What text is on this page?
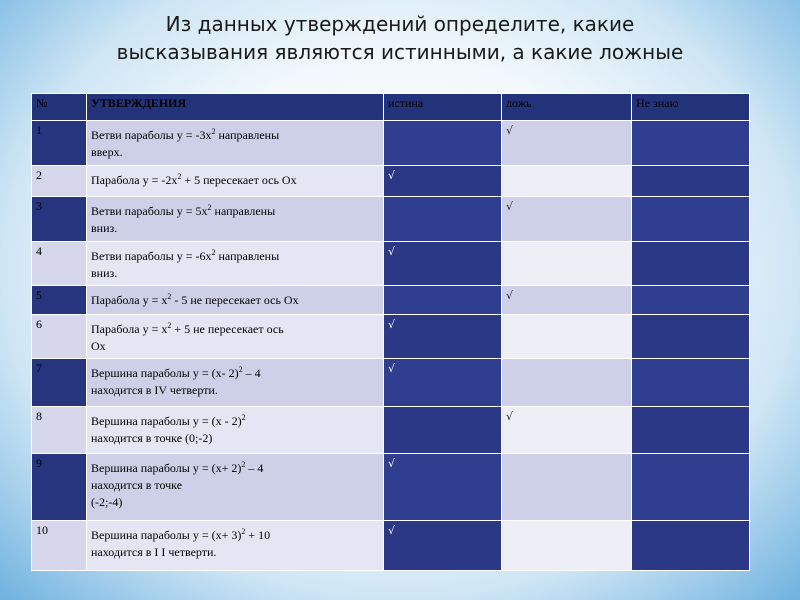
Из данных утверждений определите, какие
высказывания являются истинными, а какие ложные
№	УТВЕРЖДЕНИЯ	истина	ложь	Не знаю
1	Ветви параболы $y = -3x^2$ направлены
вверх.		√	
2	Парабола $y = -2x^2 + 5$ пересекает ось Ox	√		
3	Ветви параболы $y = 5x^2$ направлены
вниз.		√	
4	Ветви параболы $y = -6x^2$ направлены
вниз.	√		
5	Парабола $y = x^2 - 5$ не пересекает ось Ox		√	
6	Парабола $y = x^2 + 5$ не пересекает ось
Ox	√		
7	Вершина параболы y = (x- 2)$^2$ – 4
находится в IV четверти.	√		
8	Вершина параболы y = (x - 2)$^2$
находится в точке (0;-2)		√	
9	Вершина параболы $y = (x+ 2)^2 - 4$
находится в точке
(-2;-4)	√		
10	Вершина параболы $y = (x+ 3)^2 + 10$
находится в I I четверти.	√		
